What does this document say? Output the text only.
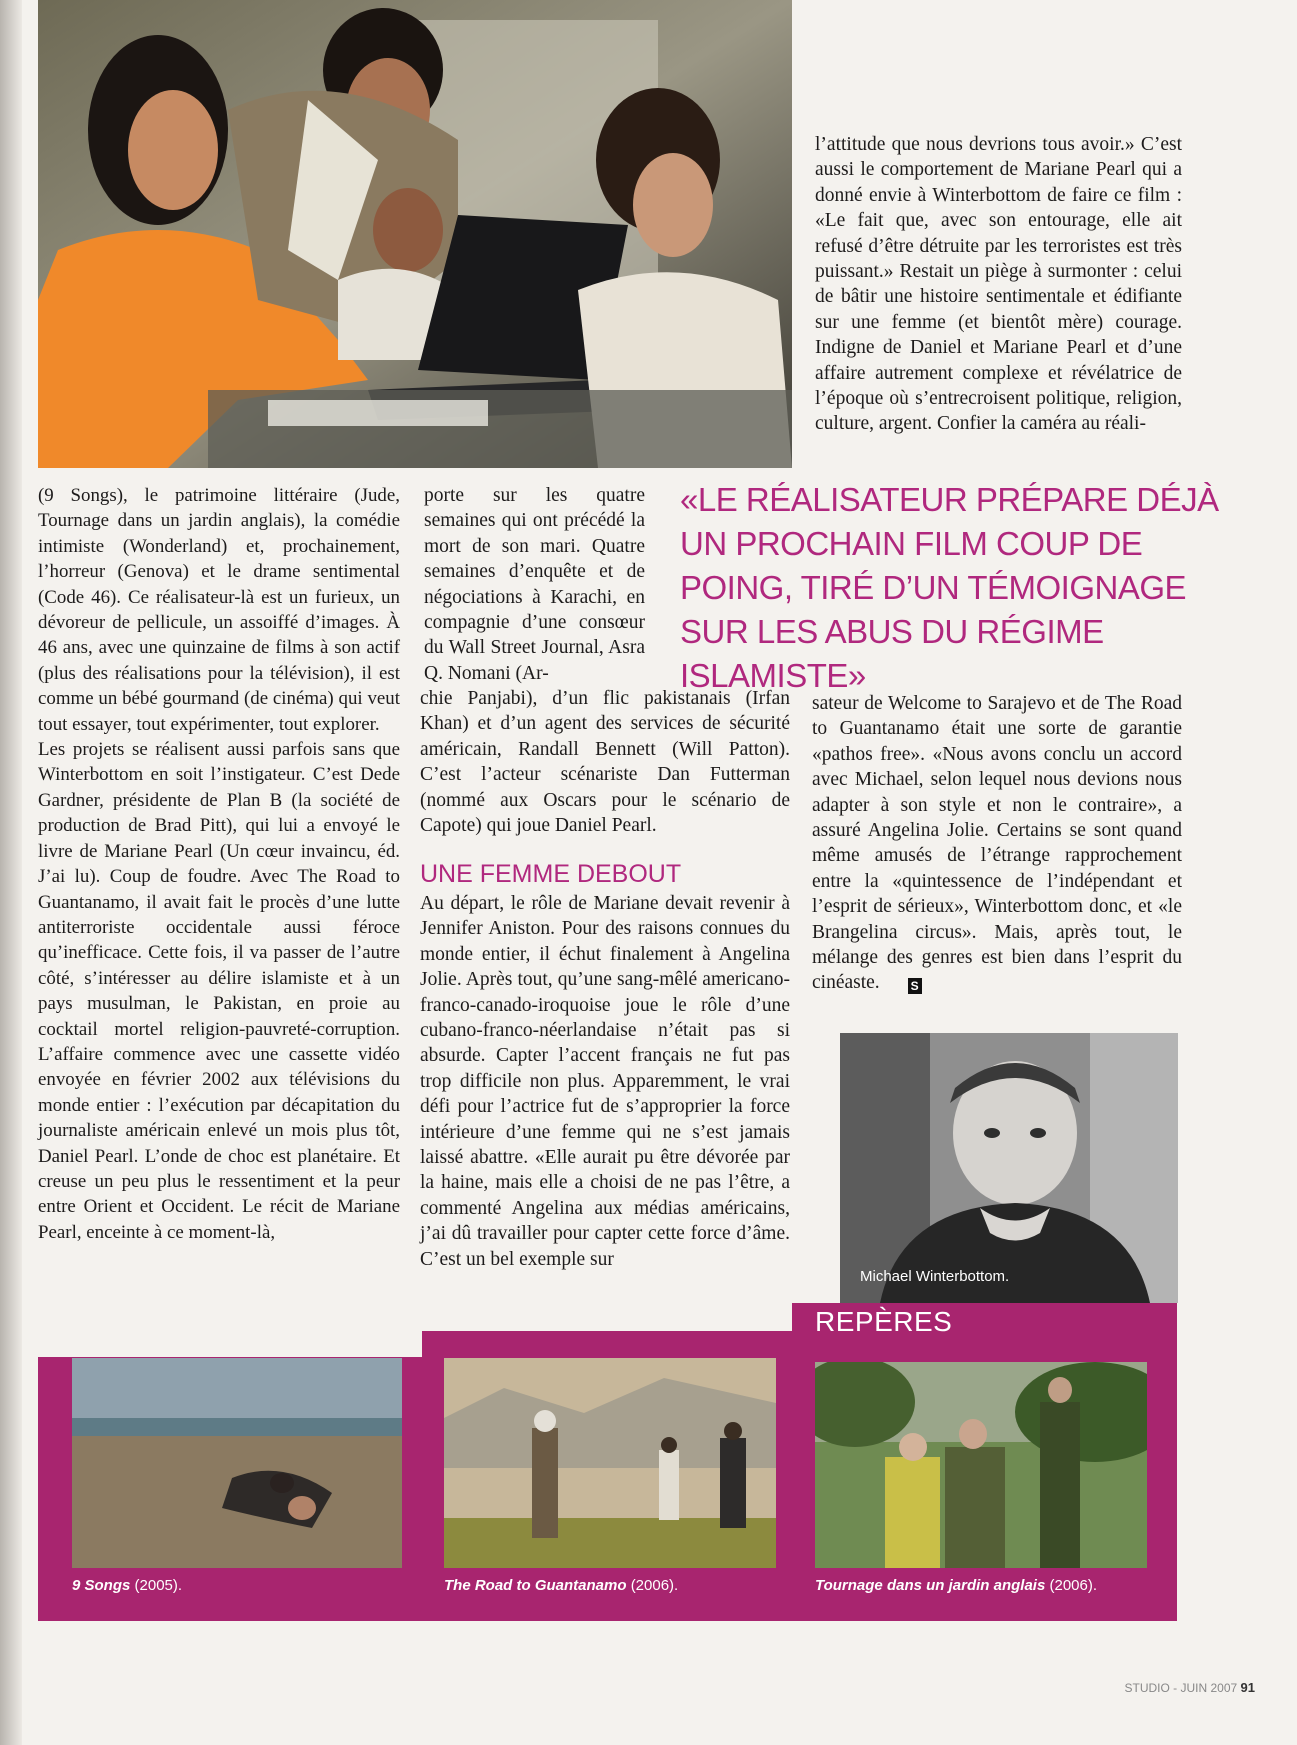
l’attitude que nous devrions tous avoir.» C’est aussi le comportement de Mariane Pearl qui a donné envie à Winterbottom de faire ce film : «Le fait que, avec son entourage, elle ait refusé d’être détruite par les terroristes est très puissant.» Restait un piège à surmonter : celui de bâtir une histoire sentimentale et édifiante sur une femme (et bientôt mère) courage. Indigne de Daniel et Mariane Pearl et d’une affaire autrement complexe et révélatrice de l’époque où s’entrecroisent politique, religion, culture, argent. Confier la caméra au réali-

(9 Songs), le patrimoine littéraire (Jude, Tournage dans un jardin anglais), la comédie intimiste (Wonderland) et, prochainement, l’horreur (Genova) et le drame sentimental (Code 46). Ce réalisateur-là est un furieux, un dévoreur de pellicule, un assoiffé d’images. À 46 ans, avec une quinzaine de films à son actif (plus des réalisations pour la télévision), il est comme un bébé gourmand (de cinéma) qui veut tout essayer, tout expérimenter, tout explorer.

Les projets se réalisent aussi parfois sans que Winterbottom en soit l’instigateur. C’est Dede Gardner, présidente de Plan B (la société de production de Brad Pitt), qui lui a envoyé le livre de Mariane Pearl (Un cœur invaincu, éd. J’ai lu). Coup de foudre. Avec The Road to Guantanamo, il avait fait le procès d’une lutte antiterroriste occidentale aussi féroce qu’inefficace. Cette fois, il va passer de l’autre côté, s’intéresser au délire islamiste et à un pays musulman, le Pakistan, en proie au cocktail mortel religion-pauvreté-corruption. L’affaire commence avec une cassette vidéo envoyée en février 2002 aux télévisions du monde entier : l’exécution par décapitation du journaliste américain enlevé un mois plus tôt, Daniel Pearl. L’onde de choc est planétaire. Et creuse un peu plus le ressentiment et la peur entre Orient et Occident. Le récit de Mariane Pearl, enceinte à ce moment-là,

porte sur les quatre semaines qui ont précédé la mort de son mari. Quatre semaines d’enquête et de négociations à Karachi, en compagnie d’une consœur du Wall Street Journal, Asra Q. Nomani (Ar-

«LE RÉALISATEUR PRÉPARE DÉJÀ UN PROCHAIN FILM COUP DE POING, TIRÉ D’UN TÉMOIGNAGE SUR LES ABUS DU RÉGIME ISLAMISTE»

chie Panjabi), d’un flic pakistanais (Irfan Khan) et d’un agent des services de sécurité américain, Randall Bennett (Will Patton). C’est l’acteur scénariste Dan Futterman (nommé aux Oscars pour le scénario de Capote) qui joue Daniel Pearl.

UNE FEMME DEBOUT

Au départ, le rôle de Mariane devait revenir à Jennifer Aniston. Pour des raisons connues du monde entier, il échut finalement à Angelina Jolie. Après tout, qu’une sang-mêlé americano-franco-canado-iroquoise joue le rôle d’une cubano-franco-néerlandaise n’était pas si absurde. Capter l’accent français ne fut pas trop difficile non plus. Apparemment, le vrai défi pour l’actrice fut de s’approprier la force intérieure d’une femme qui ne s’est jamais laissé abattre. «Elle aurait pu être dévorée par la haine, mais elle a choisi de ne pas l’être, a commenté Angelina aux médias américains, j’ai dû travailler pour capter cette force d’âme. C’est un bel exemple sur

sateur de Welcome to Sarajevo et de The Road to Guantanamo était une sorte de garantie «pathos free». «Nous avons conclu un accord avec Michael, selon lequel nous devions nous adapter à son style et non le contraire», a assuré Angelina Jolie. Certains se sont quand même amusés de l’étrange rapprochement entre la «quintessence de l’indépendant et l’esprit de sérieux», Winterbottom donc, et «le Brangelina circus». Mais, après tout, le mélange des genres est bien dans l’esprit du cinéaste.	S

Michael Winterbottom.
REPÈRES
9 Songs (2005).	The Road to Guantanamo (2006).	Tournage dans un jardin anglais (2006).
STUDIO - JUIN 2007 91
